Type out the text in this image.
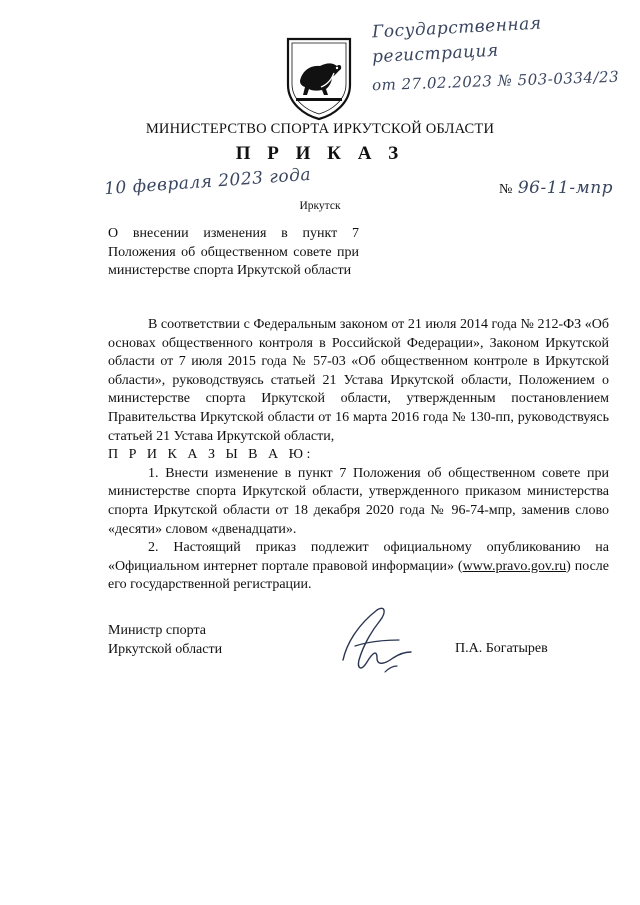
Государственная
регистрация
от 27.02.2023 № 503-0334/23
МИНИСТЕРСТВО СПОРТА ИРКУТСКОЙ ОБЛАСТИ
П Р И К А З
10 февраля 2023 года	№ 96-11-мпр
Иркутск
О внесении изменения в пункт 7 Положения об общественном совете при министерстве спорта Иркутской области

В соответствии с Федеральным законом от 21 июля 2014 года № 212-ФЗ «Об основах общественного контроля в Российской Федерации», Законом Иркутской области от 7 июля 2015 года № 57-03 «Об общественном контроле в Иркутской области», руководствуясь статьей 21 Устава Иркутской области, Положением о министерстве спорта Иркутской области, утвержденным постановлением Правительства Иркутской области от 16 марта 2016 года № 130-пп, руководствуясь статьей 21 Устава Иркутской области,

П Р И К А З Ы В А Ю:

1. Внести изменение в пункт 7 Положения об общественном совете при министерстве спорта Иркутской области, утвержденного приказом министерства спорта Иркутской области от 18 декабря 2020 года № 96-74-мпр, заменив слово «десяти» словом «двенадцати».

2. Настоящий приказ подлежит официальному опубликованию на «Официальном интернет портале правовой информации» (www.pravo.gov.ru) после его государственной регистрации.

Министр спорта
Иркутской области	П.А. Богатырев
